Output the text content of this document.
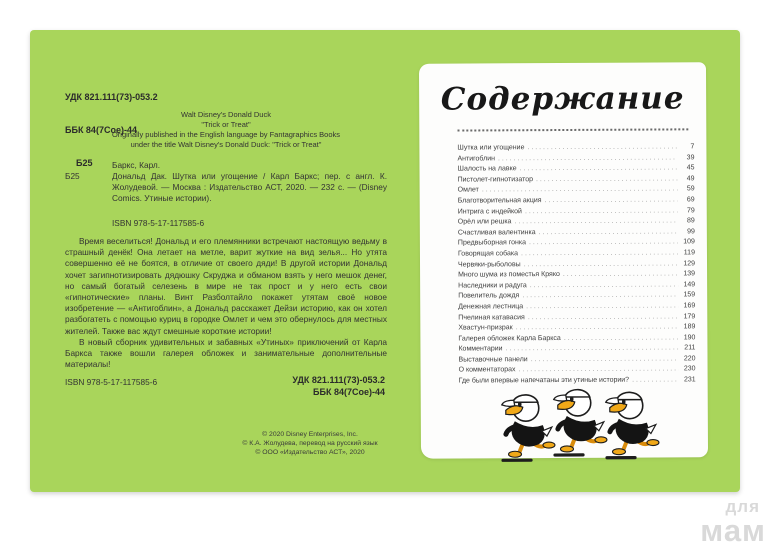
УДК 821.111(73)-053.2

ББК 84(7Сое)-44

Б25

Walt Disney's Donald Duck
"Trick or Treat"
Originally published in the English language by Fantagraphics Books
under the title Walt Disney's Donald Duck: "Trick or Treat"
Баркс, Карл.
Б25	Дональд Дак. Шутка или угощение / Карл Баркс; пер. с англ. К. Жолудевой. — Москва : Издательство АСТ, 2020. — 232 с. — (Disney Comics. Утиные истории).

ISBN 978-5-17-117585-6

Время веселиться! Дональд и его племянники встречают настоящую ведьму в страшный денёк! Она летает на метле, варит жуткие на вид зелья... Но утята совершенно её не боятся, в отличие от своего дяди! В другой истории Дональд хочет загипнотизировать дядюшку Скруджа и обманом взять у него мешок денег, но самый богатый селезень в мире не так прост и у него есть свои «гипнотические» планы. Винт Разболтайло покажет утятам своё новое изобретение — «Антигоблин», а Дональд расскажет Дейзи историю, как он хотел разбогатеть с помощью куриц в городке Омлет и чем это обернулось для местных жителей. Также вас ждут смешные короткие истории!

В новый сборник удивительных и забавных «Утиных» приключений от Карла Баркса также вошли галерея обложек и занимательные дополнительные материалы!

ISBN 978-5-17-117585-6	УДК 821.111(73)-053.2
ББК 84(7Сое)-44
© 2020 Disney Enterprises, Inc.
© К.А. Жолудева, перевод на русский язык
© ООО «Издательство АСТ», 2020
Содержание
Шутка или угощение . . .	7
Антигоблин . . .	39
Шалость на лавке . . .	45
Пистолет-гипнотизатор . . .	49
Омлет . . .	59
Благотворительная акция . . .	69
Интрига с индейкой . . .	79
Орёл или решка . . .	89
Счастливая валентинка . . .	99
Предвыборная гонка . . .	109
Говорящая собака . . .	119
Червяки-рыболовы . . .	129
Много шума из поместья Кряко . . .	139
Наследники и радуга . . .	149
Повелитель дождя . . .	159
Денежная лестница . . .	169
Пчелиная катавасия . . .	179
Хвастун-призрак . . .	189
Галерея обложек Карла Баркса . . .	190
Комментарии . . .	211
Выставочные панели . . .	220
О комментаторах . . .	230
Где были впервые напечатаны эти утиные истории? . . .	231
для
мам
